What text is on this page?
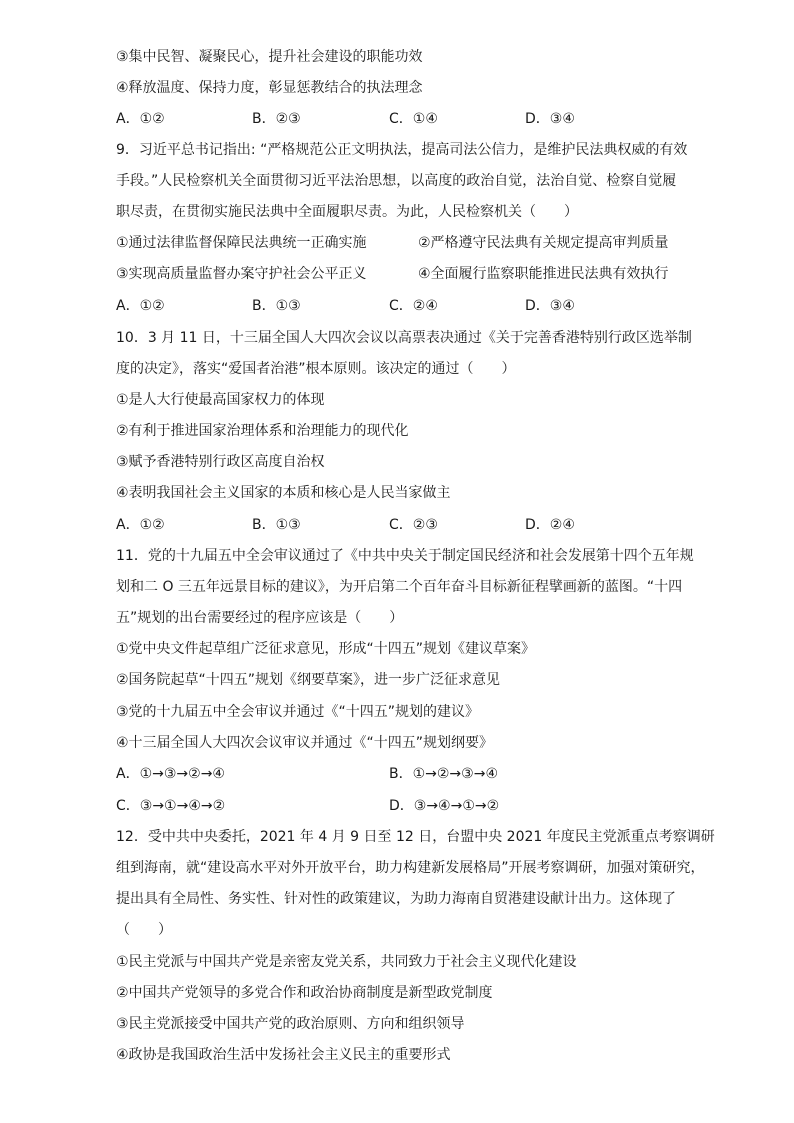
③集中民智、凝聚民心，提升社会建设的职能功效
④释放温度、保持力度，彰显惩教结合的执法理念
A．①②	B．②③	C．①④	D．③④
9．习近平总书记指出: “严格规范公正文明执法，提高司法公信力，是维护民法典权威的有效
手段。”人民检察机关全面贯彻习近平法治思想，以高度的政治自觉，法治自觉、检察自觉履
职尽责，在贯彻实施民法典中全面履职尽责。为此，人民检察机关（　　）
①通过法律监督保障民法典统一正确实施	②严格遵守民法典有关规定提高审判质量
③实现高质量监督办案守护社会公平正义	④全面履行监察职能推进民法典有效执行
A．①②	B．①③	C．②④	D．③④
10．3 月 11 日，十三届全国人大四次会议以高票表决通过《关于完善香港特别行政区选举制
度的决定》，落实“爱国者治港”根本原则。该决定的通过（　　）
①是人大行使最高国家权力的体现
②有利于推进国家治理体系和治理能力的现代化
③赋予香港特别行政区高度自治权
④表明我国社会主义国家的本质和核心是人民当家做主
A．①②	B．①③	C．②③	D．②④
11．党的十九届五中全会审议通过了《中共中央关于制定国民经济和社会发展第十四个五年规
划和二 O 三五年远景目标的建议》，为开启第二个百年奋斗目标新征程擘画新的蓝图。“十四
五”规划的出台需要经过的程序应该是（　　）
①党中央文件起草组广泛征求意见，形成“十四五”规划《建议草案》
②国务院起草“十四五”规划《纲要草案》，进一步广泛征求意见
③党的十九届五中全会审议并通过《“十四五”规划的建议》
④十三届全国人大四次会议审议并通过《“十四五”规划纲要》
A．①→③→②→④	B．①→②→③→④
C．③→①→④→②	D．③→④→①→②
12．受中共中央委托，2021 年 4 月 9 日至 12 日，台盟中央 2021 年度民主党派重点考察调研
组到海南，就“建设高水平对外开放平台，助力构建新发展格局”开展考察调研，加强对策研究，
提出具有全局性、务实性、针对性的政策建议，为助力海南自贸港建设献计出力。这体现了
（　　）
①民主党派与中国共产党是亲密友党关系，共同致力于社会主义现代化建设
②中国共产党领导的多党合作和政治协商制度是新型政党制度
③民主党派接受中国共产党的政治原则、方向和组织领导
④政协是我国政治生活中发扬社会主义民主的重要形式
